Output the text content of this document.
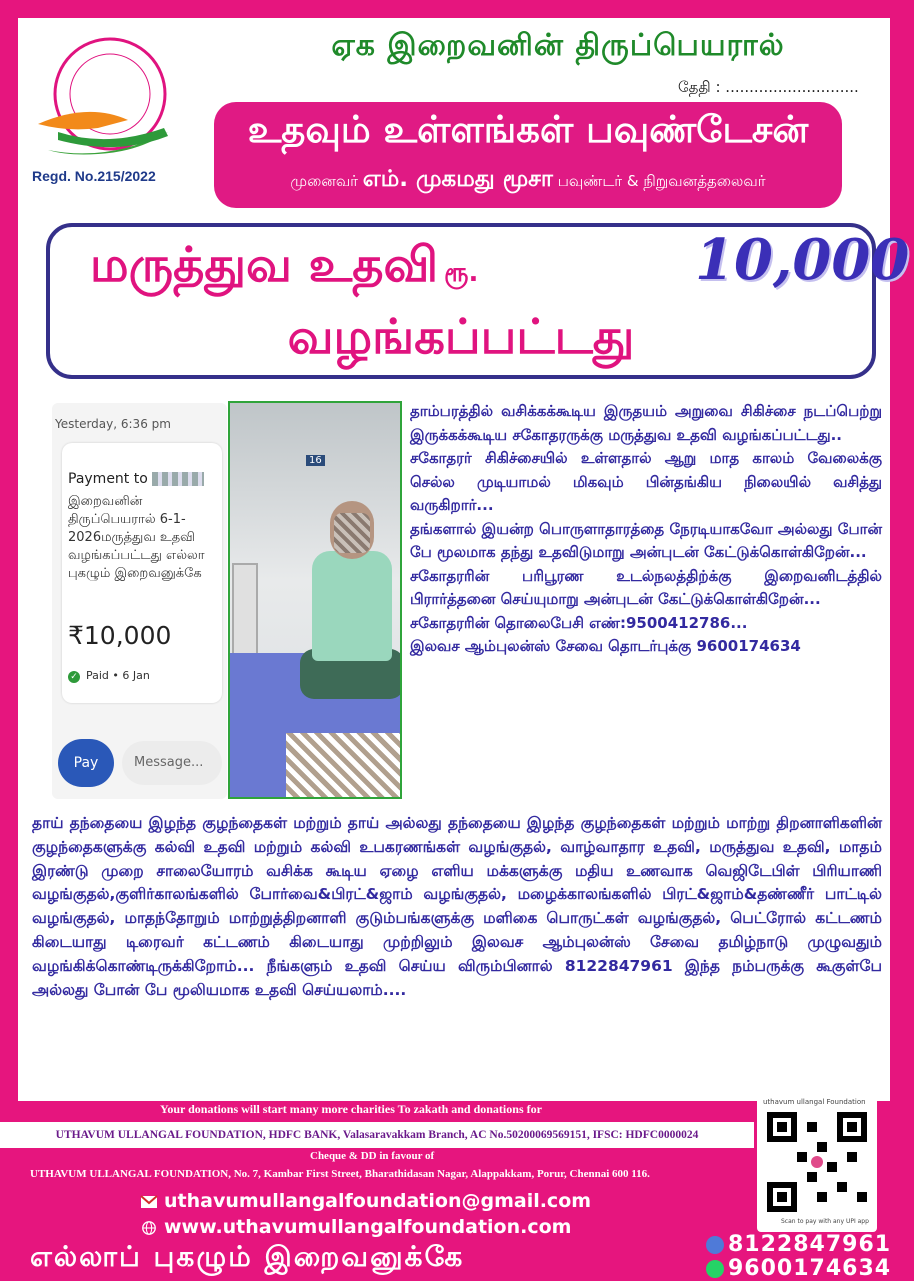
Regd. No.215/2022
ஏக இறைவனின் திருப்பெயரால்
தேதி : ............................
உதவும் உள்ளங்கள் பவுண்டேசன்
முனைவர் எம். முகமது மூசா பவுண்டர் & நிறுவனத்தலைவர்
மருத்துவ உதவி ரூ.	10,000
வழங்கப்பட்டது
Yesterday, 6:36 pm
Payment to
இறைவனின் திருப்பெயரால் 6-1-2026மருத்துவ உதவி வழங்கப்பட்டது எல்லா புகழும் இறைவனுக்கே
₹10,000
✓ Paid • 6 Jan
Pay	Message...
16

தாம்பரத்தில் வசிக்கக்கூடிய இருதயம் அறுவை சிகிச்சை நடப்பெற்று இருக்கக்கூடிய சகோதரருக்கு மருத்துவ உதவி வழங்கப்பட்டது..

சகோதரர் சிகிச்சையில் உள்ளதால் ஆறு மாத காலம் வேலைக்கு செல்ல முடியாமல் மிகவும் பின்தங்கிய நிலையில் வசித்து வருகிறார்...

தங்களால் இயன்ற பொருளாதாரத்தை நேரடியாகவோ அல்லது போன் பே மூலமாக தந்து உதவிடுமாறு அன்புடன் கேட்டுக்கொள்கிறேன்...

சகோதரரின் பரிபூரண உடல்நலத்திற்க்கு இறைவனிடத்தில் பிரார்த்தனை செய்யுமாறு அன்புடன் கேட்டுக்கொள்கிறேன்...

சகோதரரின் தொலைபேசி எண்:9500412786...

இலவச ஆம்புலன்ஸ் சேவை தொடர்புக்கு 9600174634

தாய் தந்தையை இழந்த குழந்தைகள் மற்றும் தாய் அல்லது தந்தையை இழந்த குழந்தைகள் மற்றும் மாற்று திறனாளிகளின் குழந்தைகளுக்கு கல்வி உதவி மற்றும் கல்வி உபகரணங்கள் வழங்குதல், வாழ்வாதார உதவி, மருத்துவ உதவி, மாதம் இரண்டு முறை சாலையோரம் வசிக்க கூடிய ஏழை எளிய மக்களுக்கு மதிய உணவாக வெஜிடேபிள் பிரியாணி வழங்குதல்,குளிர்காலங்களில் போர்வை&பிரட்&ஜாம் வழங்குதல், மழைக்காலங்களில் பிரட்&ஜாம்&தண்ணீர் பாட்டில் வழங்குதல், மாதந்தோறும் மாற்றுத்திறனாளி குடும்பங்களுக்கு மளிகை பொருட்கள் வழங்குதல், பெட்ரோல் கட்டணம் கிடையாது டிரைவர் கட்டணம் கிடையாது முற்றிலும் இலவச ஆம்புலன்ஸ் சேவை தமிழ்நாடு முழுவதும் வழங்கிக்கொண்டிருக்கிறோம்... நீங்களும் உதவி செய்ய விரும்பினால் 8122847961 இந்த நம்பருக்கு கூகுள்பே அல்லது போன் பே மூலியமாக உதவி செய்யலாம்....
Your donations will start many more charities To zakath and donations for
UTHAVUM ULLANGAL FOUNDATION, HDFC BANK, Valasaravakkam Branch, AC No.50200069569151, IFSC: HDFC0000024
Cheque & DD in favour of
UTHAVUM ULLANGAL FOUNDATION, No. 7, Kambar First Street, Bharathidasan Nagar, Alappakkam, Porur, Chennai 600 116.
uthavumullangalfoundation@gmail.com
www.uthavumullangalfoundation.com
எல்லாப் புகழும் இறைவனுக்கே
uthavum ullangal Foundation
Scan to pay with any UPI app
8122847961
9600174634
